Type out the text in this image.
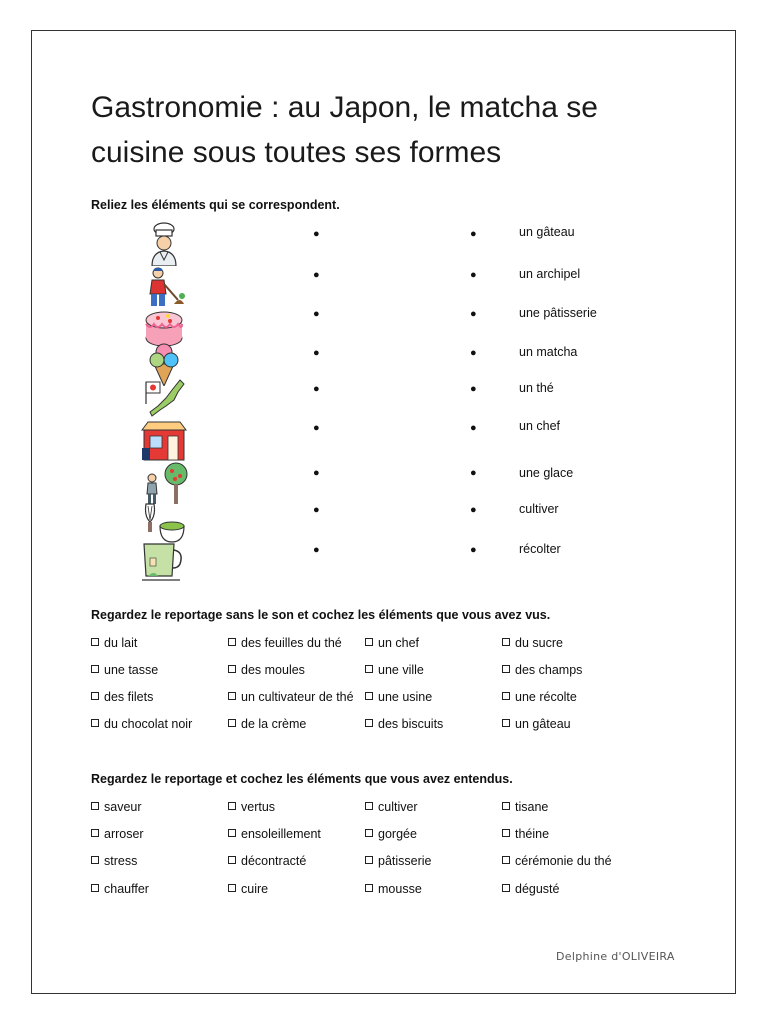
Gastronomie : au Japon, le matcha se
cuisine sous toutes ses formes
Reliez les éléments qui se correspondent.
●
●
●
●
●
●
●
●
●
●
●
●
●
●
●
●
●
●
un gâteau
un archipel
une pâtisserie
un matcha
un thé
un chef
une glace
cultiver
récolter
Regardez le reportage sans le son et cochez les éléments que vous avez vus.
du lait	des feuilles du thé	un chef	du sucre
une tasse	des moules	une ville	des champs
des filets	un cultivateur de thé	une usine	une récolte
du chocolat noir	de la crème	des biscuits	un gâteau
Regardez le reportage et cochez les éléments que vous avez entendus.
saveur	vertus	cultiver	tisane
arroser	ensoleillement	gorgée	théine
stress	décontracté	pâtisserie	cérémonie du thé
chauffer	cuire	mousse	dégusté
Delphine d'OLIVEIRA
